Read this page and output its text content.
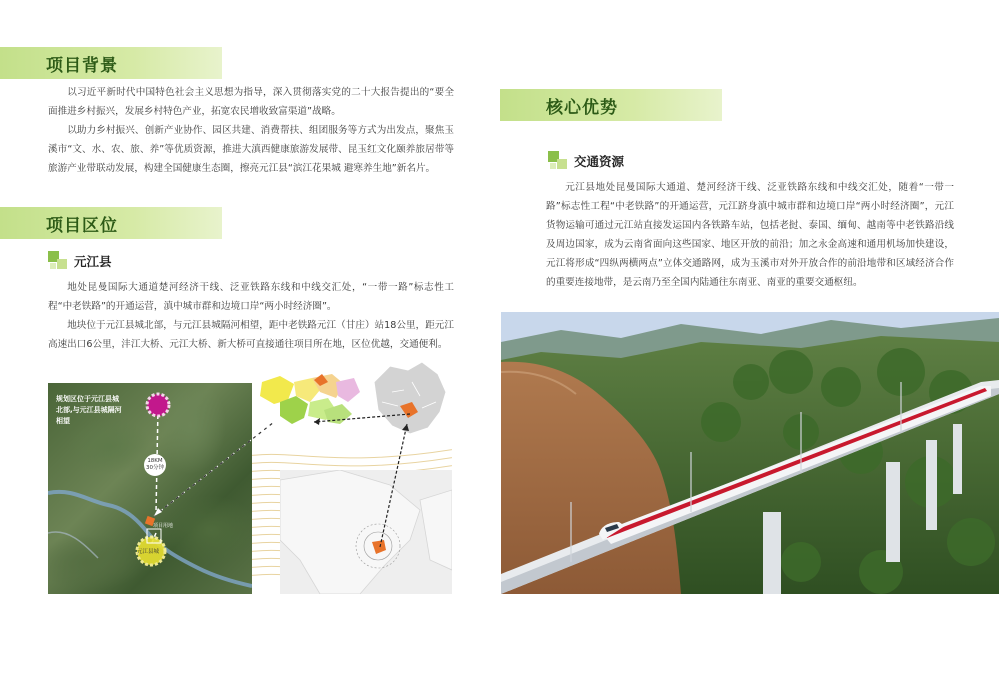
项目背景

以习近平新时代中国特色社会主义思想为指导，深入贯彻落实党的二十大报告提出的“要全面推进乡村振兴，发展乡村特色产业，拓宽农民增收致富渠道”战略。

以助力乡村振兴、创新产业协作、园区共建、消费帮扶、组团服务等方式为出发点，聚焦玉溪市“文、水、农、旅、养”等优质资源，推进大滇西健康旅游发展带、昆玉红文化颐养旅居带等旅游产业带联动发展，构建全国健康生态圈，擦亮元江县“滨江花果城 避寒养生地”新名片。

项目区位
元江县

地处昆曼国际大通道楚河经济干线、泛亚铁路东线和中线交汇处，“一带一路”标志性工程“中老铁路”的开通运营，滇中城市群和边境口岸“两小时经济圈”。

地块位于元江县城北部，与元江县城隔河相望，距中老铁路元江（甘庄）站18公里，距元江高速出口6公里，沣江大桥、元江大桥、新大桥可直接通往项目所在地，区位优越，交通便利。

规划区位于元江县城
北部,与元江县城隔河
相望
18KM
30分钟
项目用地
元江县城
核心优势
交通资源

元江县地处昆曼国际大通道、楚河经济干线、泛亚铁路东线和中线交汇处，随着“一带一路”标志性工程“中老铁路”的开通运营，元江跻身滇中城市群和边境口岸“两小时经济圈”，元江货物运输可通过元江站直接发运国内各铁路车站，包括老挝、泰国、缅甸、越南等中老铁路沿线及周边国家，成为云南省面向这些国家、地区开放的前沿；加之永金高速和通用机场加快建设，元江将形成“四纵两横两点”立体交通路网，成为玉溪市对外开放合作的前沿地带和区域经济合作的重要连接地带，是云南乃至全国内陆通往东南亚、南亚的重要交通枢纽。
